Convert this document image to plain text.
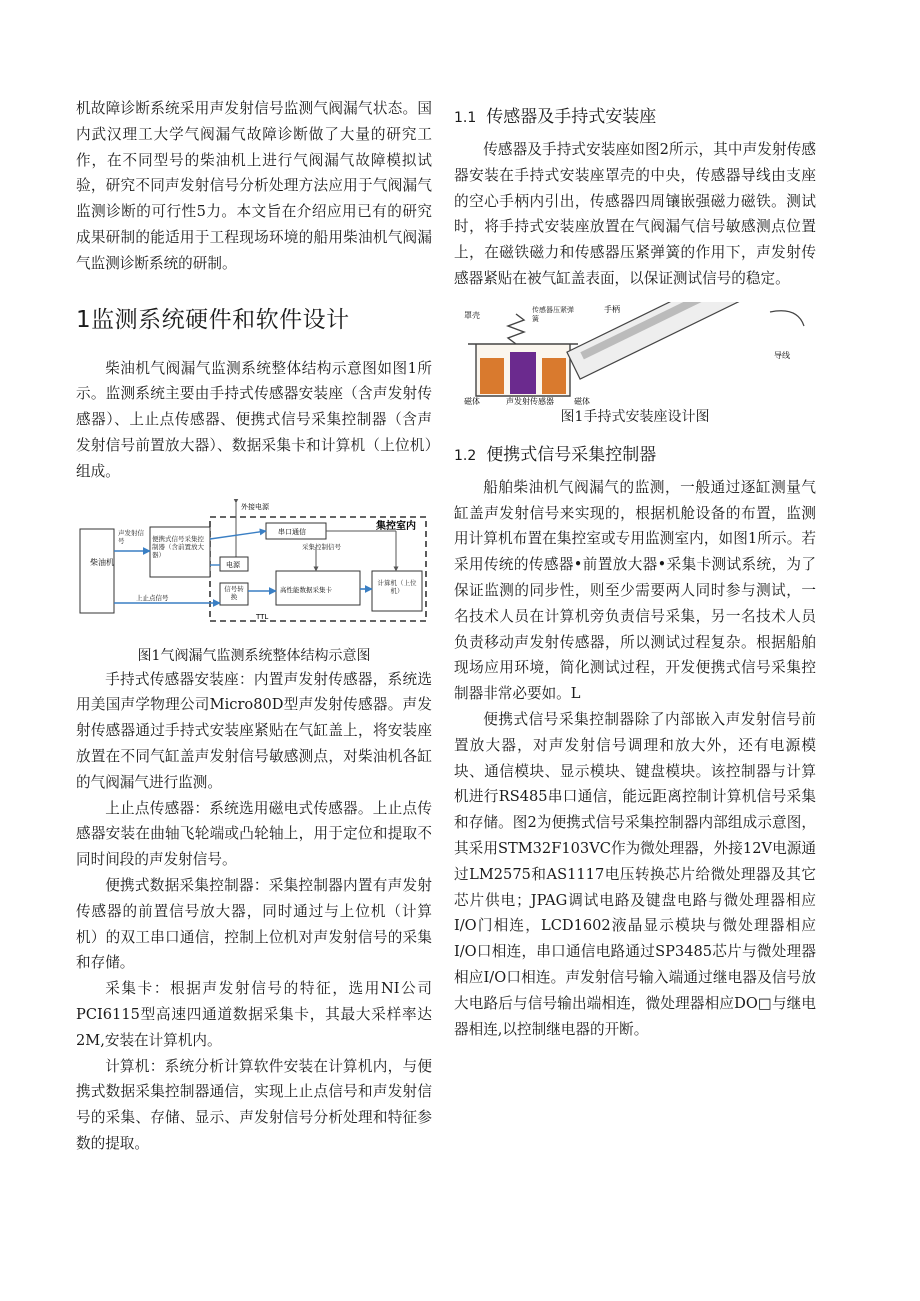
机故障诊断系统采用声发射信号监测气阀漏气状态。国内武汉理工大学气阀漏气故障诊断做了大量的研究工作，在不同型号的柴油机上进行气阀漏气故障模拟试验，研究不同声发射信号分析处理方法应用于气阀漏气监测诊断的可行性5力。本文旨在介绍应用已有的研究成果研制的能适用于工程现场环境的船用柴油机气阀漏气监测诊断系统的研制。

1监测系统硬件和软件设计

柴油机气阀漏气监测系统整体结构示意图如图1所示。监测系统主要由手持式传感器安装座（含声发射传感器）、上止点传感器、便携式信号采集控制器（含声发射信号前置放大器）、数据采集卡和计算机（上位机）组成。

集控室内
外接电源
柴油机
便携式信号采集控制器（含前置放大器）
串口通信
电源
信号转换
高性能数据采集卡
计算机（上位机）
采集控制信号
声发射信号
上止点信号
TTL
图1气阀漏气监测系统整体结构示意图

手持式传感器安装座：内置声发射传感器，系统选用美国声学物理公司Micro80D型声发射传感器。声发射传感器通过手持式安装座紧贴在气缸盖上，将安装座放置在不同气缸盖声发射信号敏感测点，对柴油机各缸的气阀漏气进行监测。

上止点传感器：系统选用磁电式传感器。上止点传感器安装在曲轴飞轮端或凸轮轴上，用于定位和提取不同时间段的声发射信号。

便携式数据采集控制器：采集控制器内置有声发射传感器的前置信号放大器，同时通过与上位机（计算机）的双工串口通信，控制上位机对声发射信号的采集和存储。

采集卡：根据声发射信号的特征，选用NI公司PCI6115型高速四通道数据采集卡，其最大采样率达2M,安装在计算机内。

计算机：系统分析计算软件安装在计算机内，与便携式数据采集控制器通信，实现上止点信号和声发射信号的采集、存储、显示、声发射信号分析处理和特征参数的提取。

1.1 传感器及手持式安装座

传感器及手持式安装座如图2所示，其中声发射传感器安装在手持式安装座罩壳的中央，传感器导线由支座的空心手柄内引出，传感器四周镶嵌强磁力磁铁。测试时，将手持式安装座放置在气阀漏气信号敏感测点位置上，在磁铁磁力和传感器压紧弹簧的作用下，声发射传感器紧贴在被气缸盖表面，以保证测试信号的稳定。

罩壳
传感器压紧弹簧
手柄
导线
磁体	声发射传感器	磁体
图1手持式安装座设计图
1.2 便携式信号采集控制器

船舶柴油机气阀漏气的监测，一般通过逐缸测量气缸盖声发射信号来实现的，根据机舱设备的布置，监测用计算机布置在集控室或专用监测室内，如图1所示。若采用传统的传感器•前置放大器•采集卡测试系统，为了保证监测的同步性，则至少需要两人同时参与测试，一名技术人员在计算机旁负责信号采集，另一名技术人员负责移动声发射传感器，所以测试过程复杂。根据船舶现场应用环境，简化测试过程，开发便携式信号采集控制器非常必要如。L

便携式信号采集控制器除了内部嵌入声发射信号前置放大器，对声发射信号调理和放大外，还有电源模块、通信模块、显示模块、键盘模块。该控制器与计算机进行RS485串口通信，能远距离控制计算机信号采集和存储。图2为便携式信号采集控制器内部组成示意图，其采用STM32F103VC作为微处理器，外接12V电源通过LM2575和AS1117电压转换芯片给微处理器及其它芯片供电；JPAG调试电路及键盘电路与微处理器相应I/O门相连，LCD1602液晶显示模块与微处理器相应I/O口相连，串口通信电路通过SP3485芯片与微处理器相应I/O口相连。声发射信号输入端通过继电器及信号放大电路后与信号输出端相连，微处理器相应DO□与继电器相连,以控制继电器的开断。
